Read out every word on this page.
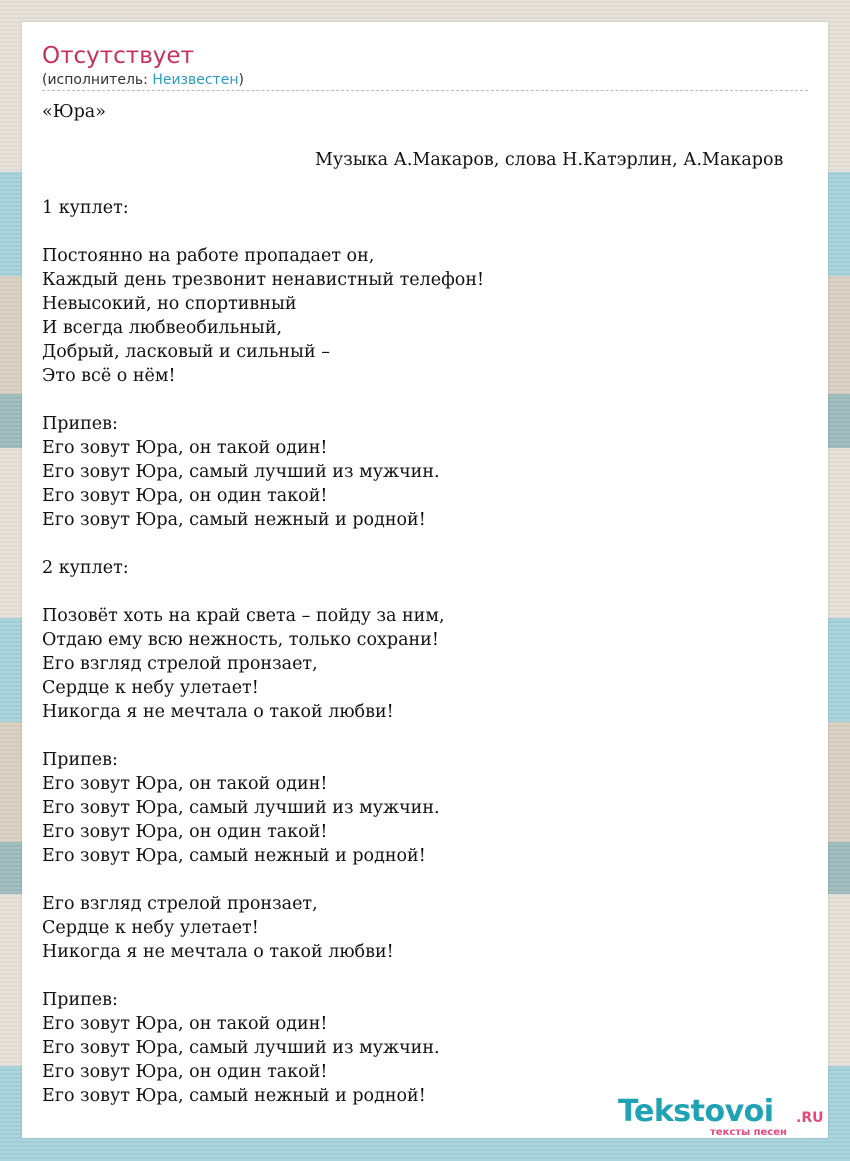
Отсутствует
(исполнитель: Неизвестен)
Музыка А.Макаров, слова Н.Катэрлин, А.Макаров
«Юра»
1 куплет:
Постоянно на работе пропадает он,
Каждый день трезвонит ненавистный телефон!
Невысокий, но спортивный
И всегда любвеобильный,
Добрый, ласковый и сильный –
Это всё о нём!
Припев:
Его зовут Юра, он такой один!
Его зовут Юра, самый лучший из мужчин.
Его зовут Юра, он один такой!
Его зовут Юра, самый нежный и родной!
2 куплет:
Позовёт хоть на край света – пойду за ним,
Отдаю ему всю нежность, только сохрани!
Его взгляд стрелой пронзает,
Сердце к небу улетает!
Никогда я не мечтала о такой любви!
Припев:
Его зовут Юра, он такой один!
Его зовут Юра, самый лучший из мужчин.
Его зовут Юра, он один такой!
Его зовут Юра, самый нежный и родной!
Его взгляд стрелой пронзает,
Сердце к небу улетает!
Никогда я не мечтала о такой любви!
Припев:
Его зовут Юра, он такой один!
Его зовут Юра, самый лучший из мужчин.
Его зовут Юра, он один такой!
Его зовут Юра, самый нежный и родной!	Tekstovoi .RU
тексты песен
